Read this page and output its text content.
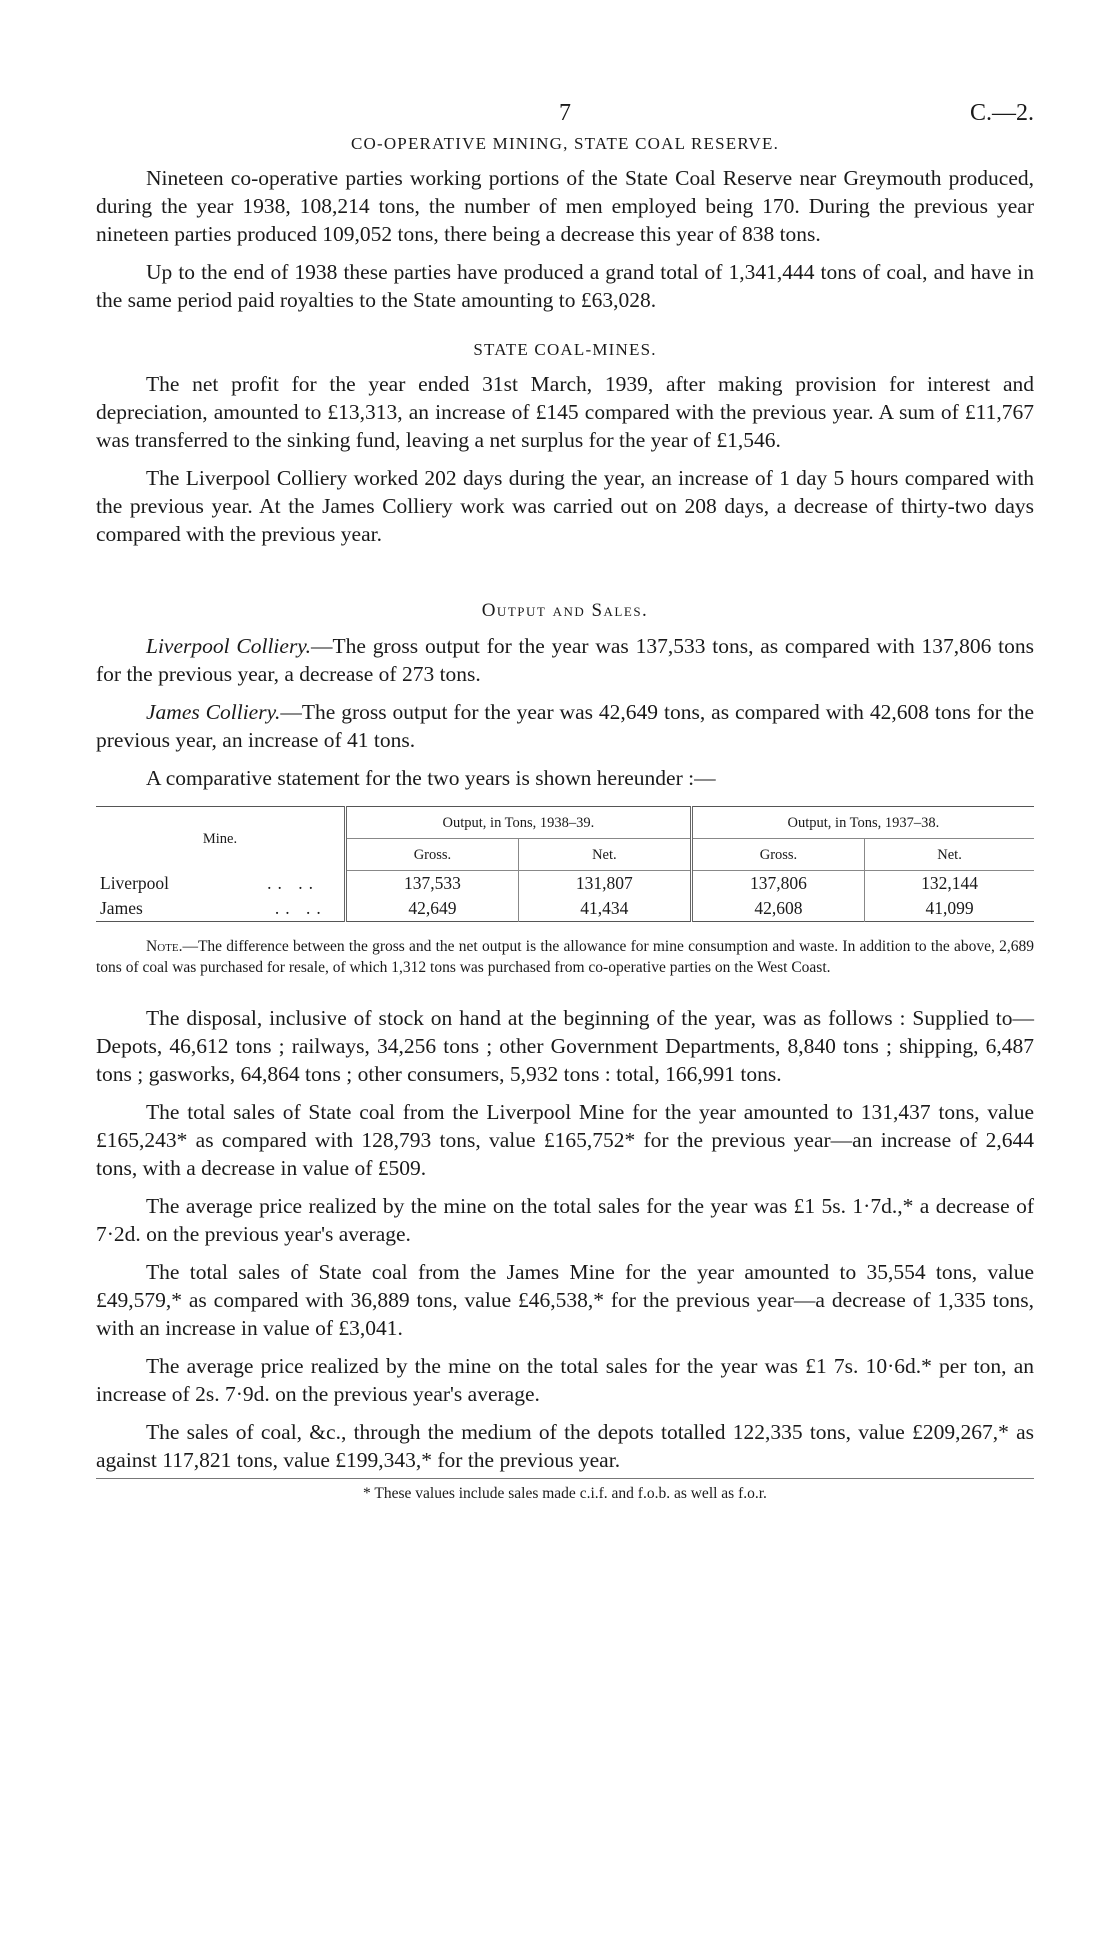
7	C.—2.
CO-OPERATIVE MINING, STATE COAL RESERVE.

Nineteen co-operative parties working portions of the State Coal Reserve near Greymouth produced, during the year 1938, 108,214 tons, the number of men employed being 170. During the previous year nineteen parties produced 109,052 tons, there being a decrease this year of 838 tons.

Up to the end of 1938 these parties have produced a grand total of 1,341,444 tons of coal, and have in the same period paid royalties to the State amounting to £63,028.

STATE COAL-MINES.

The net profit for the year ended 31st March, 1939, after making provision for interest and depreciation, amounted to £13,313, an increase of £145 compared with the previous year. A sum of £11,767 was transferred to the sinking fund, leaving a net surplus for the year of £1,546.

The Liverpool Colliery worked 202 days during the year, an increase of 1 day 5 hours compared with the previous year. At the James Colliery work was carried out on 208 days, a decrease of thirty-two days compared with the previous year.

Output and Sales.

Liverpool Colliery.—The gross output for the year was 137,533 tons, as compared with 137,806 tons for the previous year, a decrease of 273 tons.

James Colliery.—The gross output for the year was 42,649 tons, as compared with 42,608 tons for the previous year, an increase of 41 tons.

A comparative statement for the two years is shown hereunder :—

Mine.	Output, in Tons, 1938–39.		Output, in Tons, 1937–38.	
	Gross.	Net.	Gross.	Net.
Liverpool .. ..	137,533	131,807	137,806	132,144
James .. ..	42,649	41,434	42,608	41,099
Note.—The difference between the gross and the net output is the allowance for mine consumption and waste. In addition to the above, 2,689 tons of coal was purchased for resale, of which 1,312 tons was purchased from co-operative parties on the West Coast.

The disposal, inclusive of stock on hand at the beginning of the year, was as follows : Supplied to—Depots, 46,612 tons ; railways, 34,256 tons ; other Government Departments, 8,840 tons ; shipping, 6,487 tons ; gasworks, 64,864 tons ; other consumers, 5,932 tons : total, 166,991 tons.

The total sales of State coal from the Liverpool Mine for the year amounted to 131,437 tons, value £165,243* as compared with 128,793 tons, value £165,752* for the previous year—an increase of 2,644 tons, with a decrease in value of £509.

The average price realized by the mine on the total sales for the year was £1 5s. 1·7d.,* a decrease of 7·2d. on the previous year's average.

The total sales of State coal from the James Mine for the year amounted to 35,554 tons, value £49,579,* as compared with 36,889 tons, value £46,538,* for the previous year—a decrease of 1,335 tons, with an increase in value of £3,041.

The average price realized by the mine on the total sales for the year was £1 7s. 10·6d.* per ton, an increase of 2s. 7·9d. on the previous year's average.

The sales of coal, &c., through the medium of the depots totalled 122,335 tons, value £209,267,* as against 117,821 tons, value £199,343,* for the previous year.

* These values include sales made c.i.f. and f.o.b. as well as f.o.r.
